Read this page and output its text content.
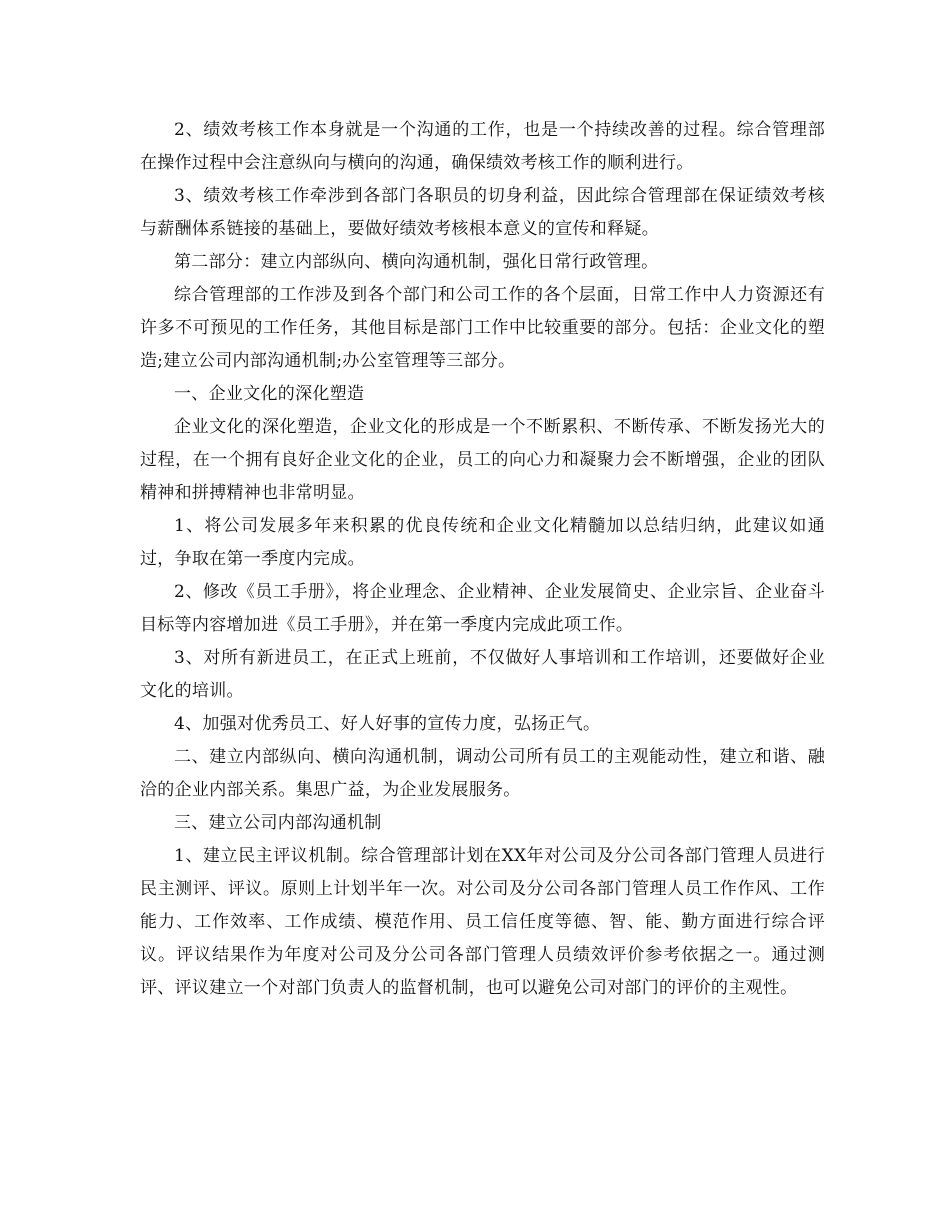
2、绩效考核工作本身就是一个沟通的工作，也是一个持续改善的过程。综合管理部在操作过程中会注意纵向与横向的沟通，确保绩效考核工作的顺利进行。

3、绩效考核工作牵涉到各部门各职员的切身利益，因此综合管理部在保证绩效考核与薪酬体系链接的基础上，要做好绩效考核根本意义的宣传和释疑。

第二部分：建立内部纵向、横向沟通机制，强化日常行政管理。

综合管理部的工作涉及到各个部门和公司工作的各个层面，日常工作中人力资源还有许多不可预见的工作任务，其他目标是部门工作中比较重要的部分。包括：企业文化的塑造;建立公司内部沟通机制;办公室管理等三部分。

一、企业文化的深化塑造

企业文化的深化塑造，企业文化的形成是一个不断累积、不断传承、不断发扬光大的过程，在一个拥有良好企业文化的企业，员工的向心力和凝聚力会不断增强，企业的团队精神和拼搏精神也非常明显。

1、将公司发展多年来积累的优良传统和企业文化精髓加以总结归纳，此建议如通过，争取在第一季度内完成。

2、修改《员工手册》，将企业理念、企业精神、企业发展简史、企业宗旨、企业奋斗目标等内容增加进《员工手册》，并在第一季度内完成此项工作。

3、对所有新进员工，在正式上班前，不仅做好人事培训和工作培训，还要做好企业文化的培训。

4、加强对优秀员工、好人好事的宣传力度，弘扬正气。

二、建立内部纵向、横向沟通机制，调动公司所有员工的主观能动性，建立和谐、融洽的企业内部关系。集思广益，为企业发展服务。

三、建立公司内部沟通机制

1、建立民主评议机制。综合管理部计划在XX年对公司及分公司各部门管理人员进行民主测评、评议。原则上计划半年一次。对公司及分公司各部门管理人员工作作风、工作能力、工作效率、工作成绩、模范作用、员工信任度等德、智、能、勤方面进行综合评议。评议结果作为年度对公司及分公司各部门管理人员绩效评价参考依据之一。通过测评、评议建立一个对部门负责人的监督机制，也可以避免公司对部门的评价的主观性。
